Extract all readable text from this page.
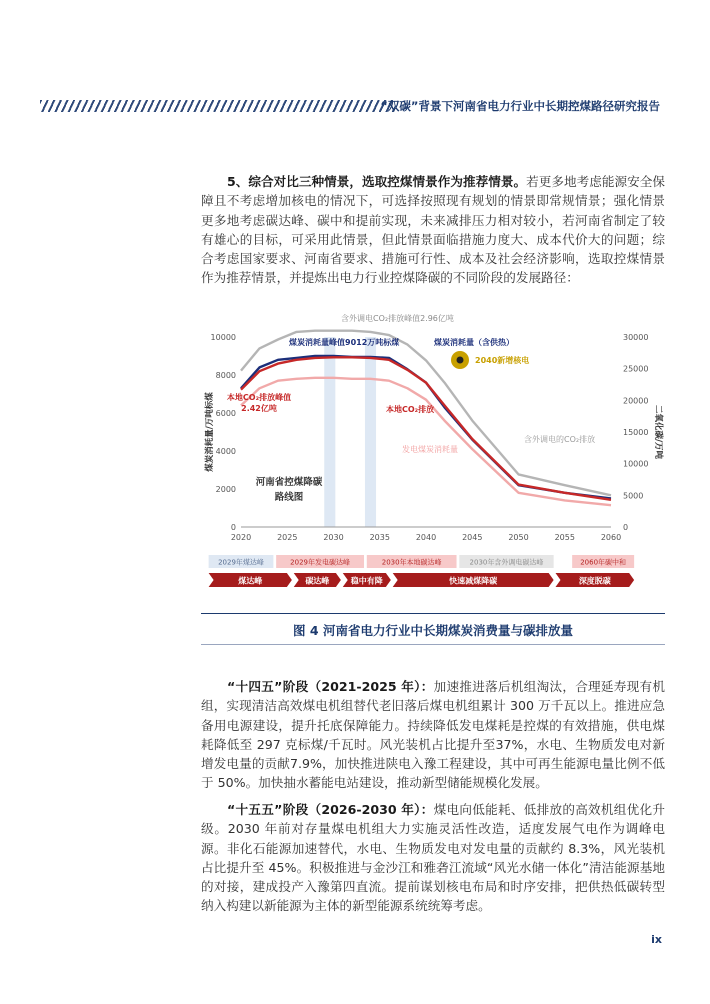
“双碳”背景下河南省电力行业中长期控煤路径研究报告

5、综合对比三种情景，选取控煤情景作为推荐情景。若更多地考虑能源安全保障且不考虑增加核电的情况下，可选择按照现有规划的情景即常规情景；强化情景更多地考虑碳达峰、碳中和提前实现，未来减排压力相对较小，若河南省制定了较有雄心的目标，可采用此情景，但此情景面临措施力度大、成本代价大的问题；综合考虑国家要求、河南省要求、措施可行性、成本及社会经济影响，选取控煤情景作为推荐情景，并提炼出电力行业控煤降碳的不同阶段的发展路径：

2020	2025	2030	2035	2040	2045	2050	2055	2060
0
2000
4000
6000
8000
10000
0
5000
10000
15000
20000
25000
30000
煤炭消耗量/万吨标煤	二氧化碳/万吨
含外调电CO₂排放峰值2.96亿吨
煤炭消耗量峰值9012万吨标煤	煤炭消耗量（含供热）
2040新增核电
本地CO₂排放峰值
2.42亿吨	本地CO₂排放
发电煤炭消耗量
含外调电的CO₂排放
河南省控煤降碳
路线图
2029年煤达峰	2029年发电碳达峰	2030年本地碳达峰	2030年含外调电碳达峰	2060年碳中和
煤达峰	碳达峰	稳中有降	快速减煤降碳	深度脱碳
图 4 河南省电力行业中长期煤炭消费量与碳排放量

“十四五”阶段（2021-2025 年）：加速推进落后机组淘汰，合理延寿现有机组，实现清洁高效煤电机组替代老旧落后煤电机组累计 300 万千瓦以上。推进应急备用电源建设，提升托底保障能力。持续降低发电煤耗是控煤的有效措施，供电煤耗降低至 297 克标煤/千瓦时。风光装机占比提升至37%，水电、生物质发电对新增发电量的贡献7.9%，加快推进陕电入豫工程建设，其中可再生能源电量比例不低于 50%。加快抽水蓄能电站建设，推动新型储能规模化发展。

“十五五”阶段（2026-2030 年）：煤电向低能耗、低排放的高效机组优化升级。2030 年前对存量煤电机组大力实施灵活性改造，适度发展气电作为调峰电源。非化石能源加速替代，水电、生物质发电对发电量的贡献约 8.3%，风光装机占比提升至 45%。积极推进与金沙江和雅砻江流域“风光水储一体化”清洁能源基地的对接，建成投产入豫第四直流。提前谋划核电布局和时序安排，把供热低碳转型纳入构建以新能源为主体的新型能源系统统筹考虑。

ix
